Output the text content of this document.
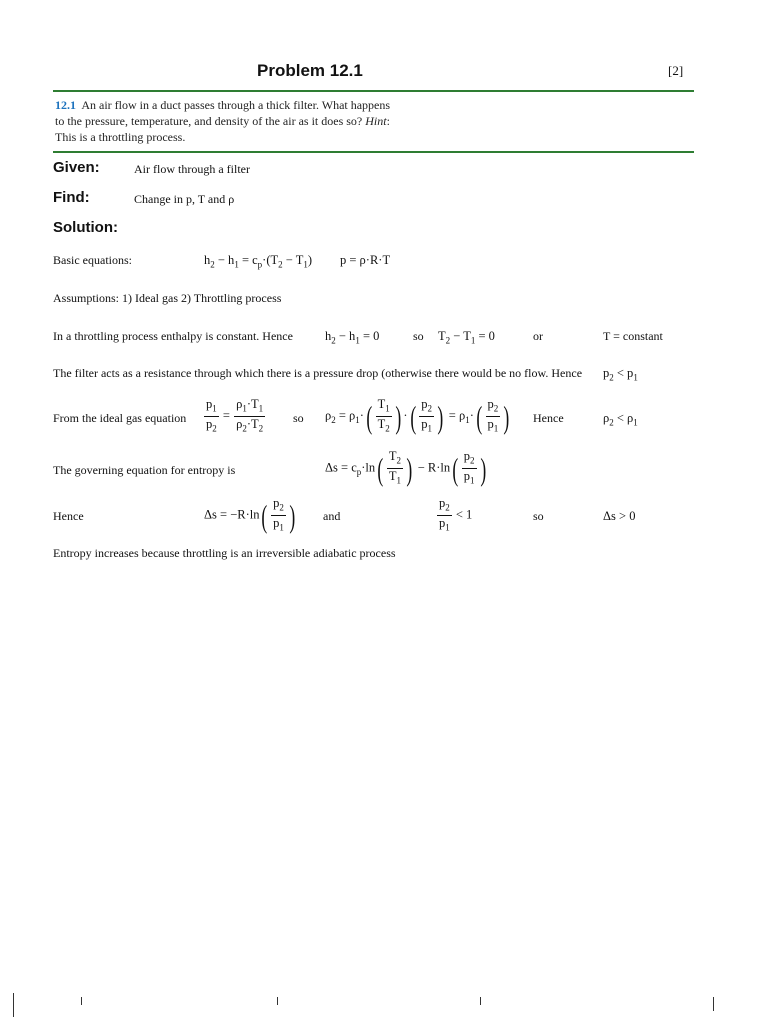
Problem 12.1	[2]
12.1 An air flow in a duct passes through a thick filter. What happens to the pressure, temperature, and density of the air as it does so? Hint: This is a throttling process.
Given:	Air flow through a filter
Find:	Change in p, T and ρ
Solution:
Basic equations:	$h_2 - h_1 = c_p\cdot(T_2 - T_1) p = \rho\cdot R\cdot T$
Assumptions: 1) Ideal gas 2) Throttling process
In a throttling process enthalpy is constant. Hence	$h_2 - h_1 = 0$	so $T_2 - T_1 = 0$	or	T = constant
The filter acts as a resistance through which there is a pressure drop (otherwise there would be no flow. Hence $p_2 < p_1$
From the ideal gas equation $\frac{p_1}{p_2} = \frac{\rho_1\cdot T_1}{\rho_2\cdot T_2}$ so $\rho_2 = \rho_1\cdot( \frac{T_1}{T_2}$ ) ·( $\frac{p_2}{p_1}$ ) = $\rho_1\cdot( \frac{p_2}{p_1}$ ) Hence	$\rho_2 < \rho_1$
The governing equation for entropy is	$\Delta s = c_p\cdot\ln( \frac{T_2}{T_1}$ ) − $R\cdot\ln( \frac{p_2}{p_1}$ )
Hence	$\Delta s = -R\cdot\ln( \frac{p_2}{p_1}$ ) and	$\frac{p_2}{p_1} < 1$	so	Δs > 0
Entropy increases because throttling is an irreversible adiabatic process
